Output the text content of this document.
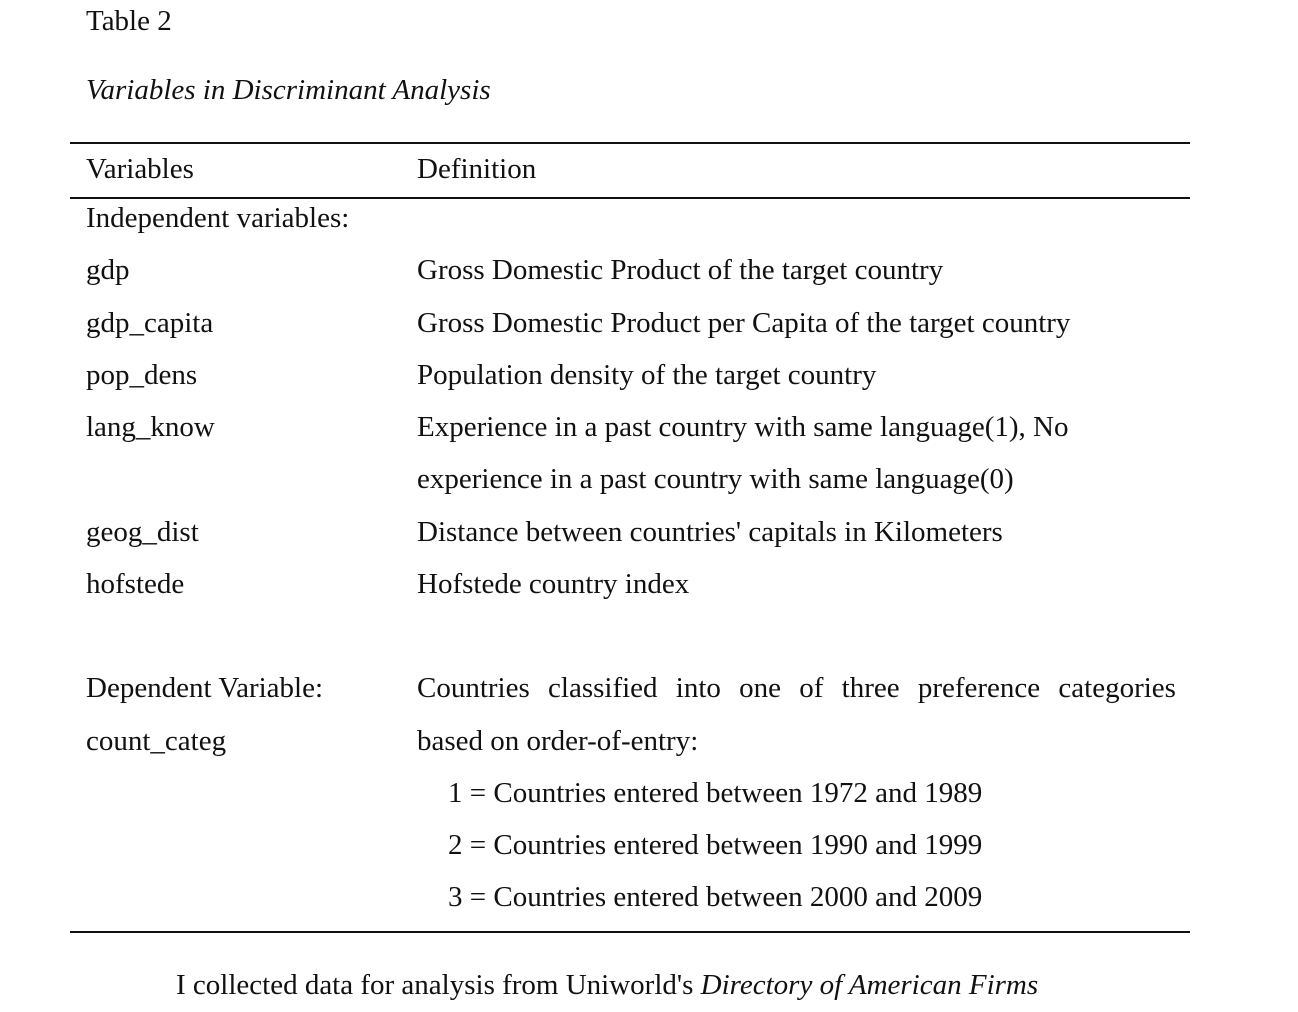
Table 2
Variables in Discriminant Analysis
Variables	Definition
Independent variables:
gdp	Gross Domestic Product of the target country
gdp_capita	Gross Domestic Product per Capita of the target country
pop_dens	Population density of the target country
lang_know	Experience in a past country with same language(1), No
experience in a past country with same language(0)
geog_dist	Distance between countries' capitals in Kilometers
hofstede	Hofstede country index
Dependent Variable:	Countries classified into one of three preference categories
count_categ	based on order-of-entry:
1 = Countries entered between 1972 and 1989
2 = Countries entered between 1990 and 1999
3 = Countries entered between 2000 and 2009
I collected data for analysis from Uniworld's Directory of American Firms
